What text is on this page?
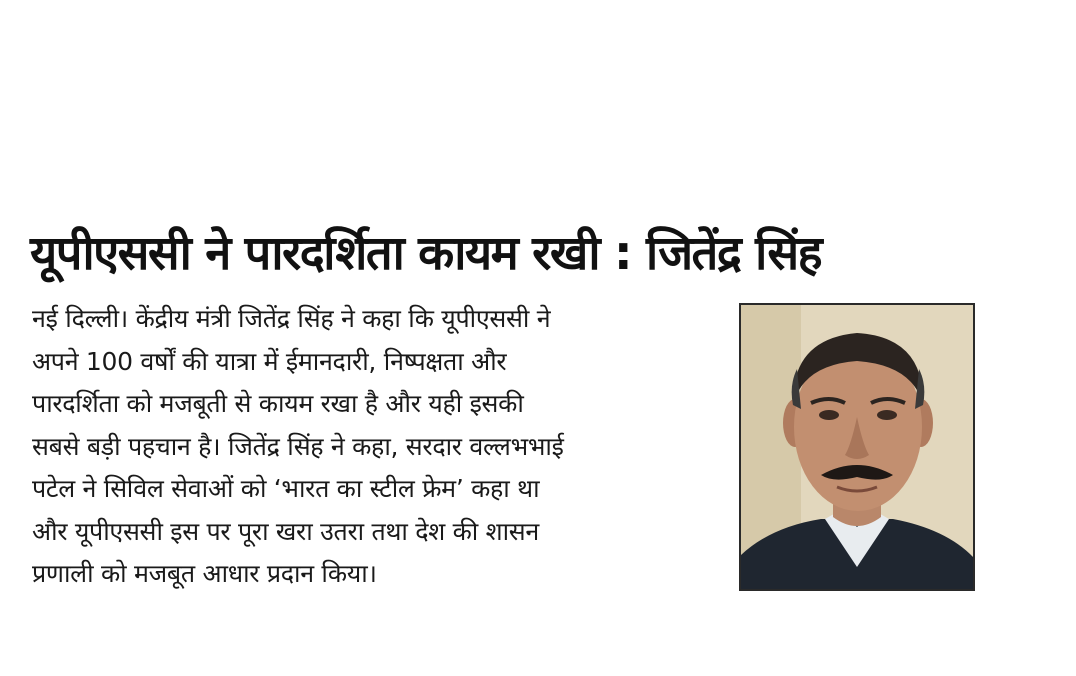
यूपीएससी ने पारदर्शिता कायम रखी : जितेंद्र सिंह
नई दिल्ली। केंद्रीय मंत्री जितेंद्र सिंह ने कहा कि यूपीएससी ने
अपने 100 वर्षों की यात्रा में ईमानदारी, निष्पक्षता और
पारदर्शिता को मजबूती से कायम रखा है और यही इसकी
सबसे बड़ी पहचान है। जितेंद्र सिंह ने कहा, सरदार वल्लभभाई
पटेल ने सिविल सेवाओं को ‘भारत का स्टील फ्रेम’ कहा था
और यूपीएससी इस पर पूरा खरा उतरा तथा देश की शासन
प्रणाली को मजबूत आधार प्रदान किया।
